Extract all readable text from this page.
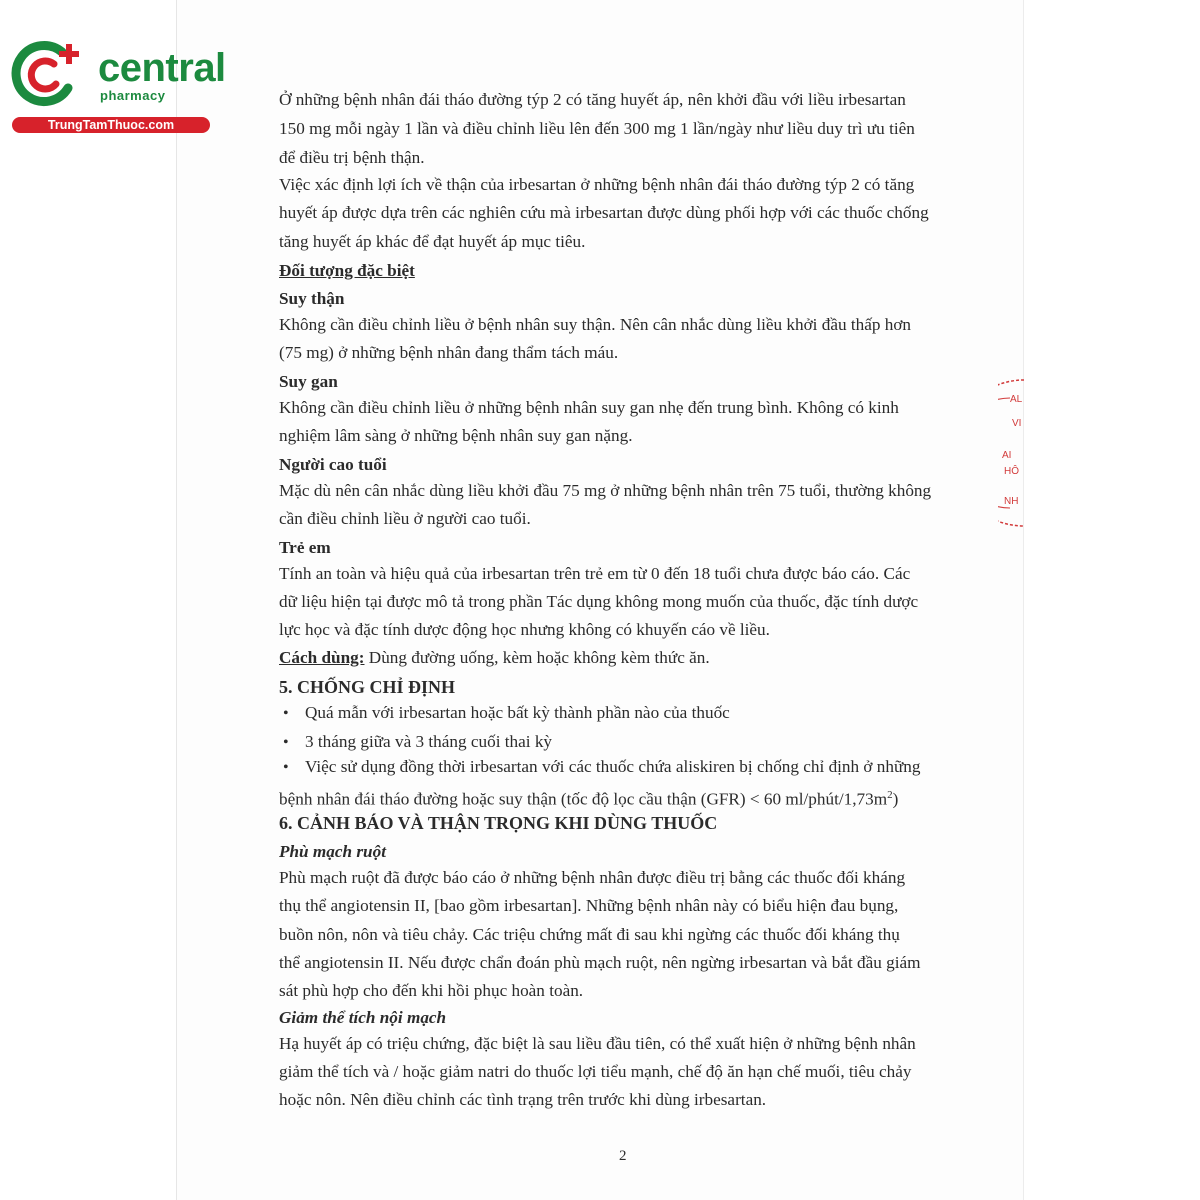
central
pharmacy
TrungTamThuoc.com
AL
VI
AI
HÔ
NH
Ở những bệnh nhân đái tháo đường týp 2 có tăng huyết áp, nên khởi đầu với liều irbesartan
150 mg mỗi ngày 1 lần và điều chỉnh liều lên đến 300 mg 1 lần/ngày như liều duy trì ưu tiên
để điều trị bệnh thận.
Việc xác định lợi ích về thận của irbesartan ở những bệnh nhân đái tháo đường týp 2 có tăng
huyết áp được dựa trên các nghiên cứu mà irbesartan được dùng phối hợp với các thuốc chống
tăng huyết áp khác để đạt huyết áp mục tiêu.
Đối tượng đặc biệt
Suy thận
Không cần điều chỉnh liều ở bệnh nhân suy thận. Nên cân nhắc dùng liều khởi đầu thấp hơn
(75 mg) ở những bệnh nhân đang thẩm tách máu.
Suy gan
Không cần điều chỉnh liều ở những bệnh nhân suy gan nhẹ đến trung bình. Không có kinh
nghiệm lâm sàng ở những bệnh nhân suy gan nặng.
Người cao tuổi
Mặc dù nên cân nhắc dùng liều khởi đầu 75 mg ở những bệnh nhân trên 75 tuổi, thường không
cần điều chỉnh liều ở người cao tuổi.
Trẻ em
Tính an toàn và hiệu quả của irbesartan trên trẻ em từ 0 đến 18 tuổi chưa được báo cáo. Các
dữ liệu hiện tại được mô tả trong phần Tác dụng không mong muốn của thuốc, đặc tính dược
lực học và đặc tính dược động học nhưng không có khuyến cáo về liều.
Cách dùng: Dùng đường uống, kèm hoặc không kèm thức ăn.
5. CHỐNG CHỈ ĐỊNH
• Quá mẫn với irbesartan hoặc bất kỳ thành phần nào của thuốc
• 3 tháng giữa và 3 tháng cuối thai kỳ
• Việc sử dụng đồng thời irbesartan với các thuốc chứa aliskiren bị chống chỉ định ở những
bệnh nhân đái tháo đường hoặc suy thận (tốc độ lọc cầu thận (GFR) < 60 $ml/phút/1,73m^2$)
6. CẢNH BÁO VÀ THẬN TRỌNG KHI DÙNG THUỐC
Phù mạch ruột
Phù mạch ruột đã được báo cáo ở những bệnh nhân được điều trị bằng các thuốc đối kháng
thụ thể angiotensin II, [bao gồm irbesartan]. Những bệnh nhân này có biểu hiện đau bụng,
buồn nôn, nôn và tiêu chảy. Các triệu chứng mất đi sau khi ngừng các thuốc đối kháng thụ
thể angiotensin II. Nếu được chẩn đoán phù mạch ruột, nên ngừng irbesartan và bắt đầu giám
sát phù hợp cho đến khi hồi phục hoàn toàn.
Giảm thể tích nội mạch
Hạ huyết áp có triệu chứng, đặc biệt là sau liều đầu tiên, có thể xuất hiện ở những bệnh nhân
giảm thể tích và / hoặc giảm natri do thuốc lợi tiểu mạnh, chế độ ăn hạn chế muối, tiêu chảy
hoặc nôn. Nên điều chỉnh các tình trạng trên trước khi dùng irbesartan.
2
